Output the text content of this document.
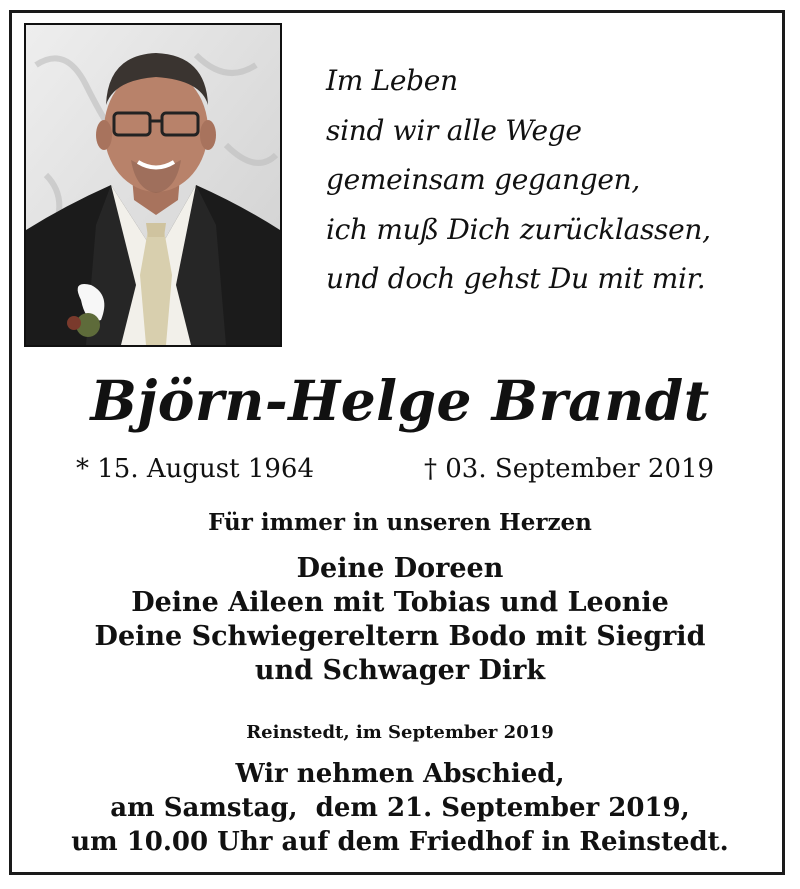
Im Leben
sind wir alle Wege
gemeinsam gegangen,
ich muß Dich zurücklassen,
und doch gehst Du mit mir.
Björn-Helge Brandt
* 15. August 1964	† 03. September 2019
Für immer in unseren Herzen
Deine Doreen
Deine Aileen mit Tobias und Leonie
Deine Schwiegereltern Bodo mit Siegrid
und Schwager Dirk
Reinstedt, im September 2019
Wir nehmen Abschied,
am Samstag,  dem 21. September 2019,
um 10.00 Uhr auf dem Friedhof in Reinstedt.
